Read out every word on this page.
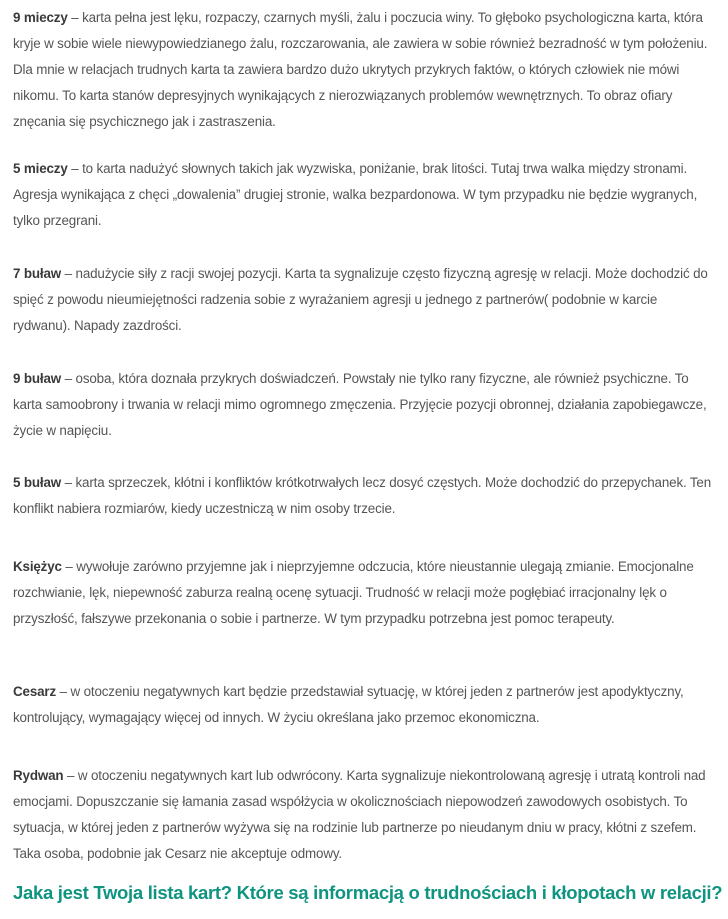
9 mieczy – karta pełna jest lęku, rozpaczy, czarnych myśli, żalu i poczucia winy. To głęboko psychologiczna karta, która kryje w sobie wiele niewypowiedzianego żalu, rozczarowania, ale zawiera w sobie również bezradność w tym położeniu. Dla mnie w relacjach trudnych karta ta zawiera bardzo dużo ukrytych przykrych faktów, o których człowiek nie mówi nikomu. To karta stanów depresyjnych wynikających z nierozwiązanych problemów wewnętrznych. To obraz ofiary znęcania się psychicznego jak i zastraszenia.

5 mieczy – to karta nadużyć słownych takich jak wyzwiska, poniżanie, brak litości. Tutaj trwa walka między stronami. Agresja wynikająca z chęci „dowalenia” drugiej stronie, walka bezpardonowa. W tym przypadku nie będzie wygranych, tylko przegrani.

7 buław – nadużycie siły z racji swojej pozycji. Karta ta sygnalizuje często fizyczną agresję w relacji. Może dochodzić do spięć z powodu nieumiejętności radzenia sobie z wyrażaniem agresji u jednego z partnerów( podobnie w karcie rydwanu). Napady zazdrości.

9 buław – osoba, która doznała przykrych doświadczeń. Powstały nie tylko rany fizyczne, ale również psychiczne. To karta samoobrony i trwania w relacji mimo ogromnego zmęczenia. Przyjęcie pozycji obronnej, działania zapobiegawcze, życie w napięciu.

5 buław – karta sprzeczek, kłótni i konfliktów krótkotrwałych lecz dosyć częstych. Może dochodzić do przepychanek. Ten konflikt nabiera rozmiarów, kiedy uczestniczą w nim osoby trzecie.

Księżyc – wywołuje zarówno przyjemne jak i nieprzyjemne odczucia, które nieustannie ulegają zmianie. Emocjonalne rozchwianie, lęk, niepewność zaburza realną ocenę sytuacji. Trudność w relacji może pogłębiać irracjonalny lęk o przyszłość, fałszywe przekonania o sobie i partnerze. W tym przypadku potrzebna jest pomoc terapeuty.

Cesarz – w otoczeniu negatywnych kart będzie przedstawiał sytuację, w której jeden z partnerów jest apodyktyczny, kontrolujący, wymagający więcej od innych. W życiu określana jako przemoc ekonomiczna.

Rydwan – w otoczeniu negatywnych kart lub odwrócony. Karta sygnalizuje niekontrolowaną agresję i utratą kontroli nad emocjami. Dopuszczanie się łamania zasad współżycia w okolicznościach niepowodzeń zawodowych osobistych. To sytuacja, w której jeden z partnerów wyżywa się na rodzinie lub partnerze po nieudanym dniu w pracy, kłótni z szefem. Taka osoba, podobnie jak Cesarz nie akceptuje odmowy.

Jaka jest Twoja lista kart? Które są informacją o trudnościach i kłopotach w relacji?
